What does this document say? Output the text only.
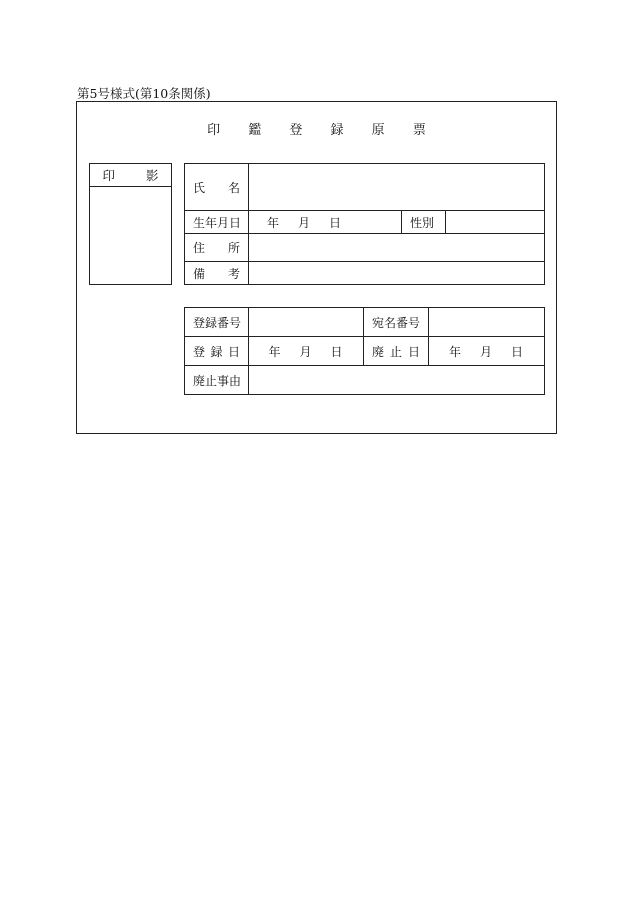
第5号様式(第10条関係)
印 鑑 登 録 原 票
印　影
氏　名			

生年月日	年 月 日	性別	

住　所			

備　考			

登録番号		宛名番号	

登 録 日	年 月 日	廃 止 日	年 月 日
廃止事由			
